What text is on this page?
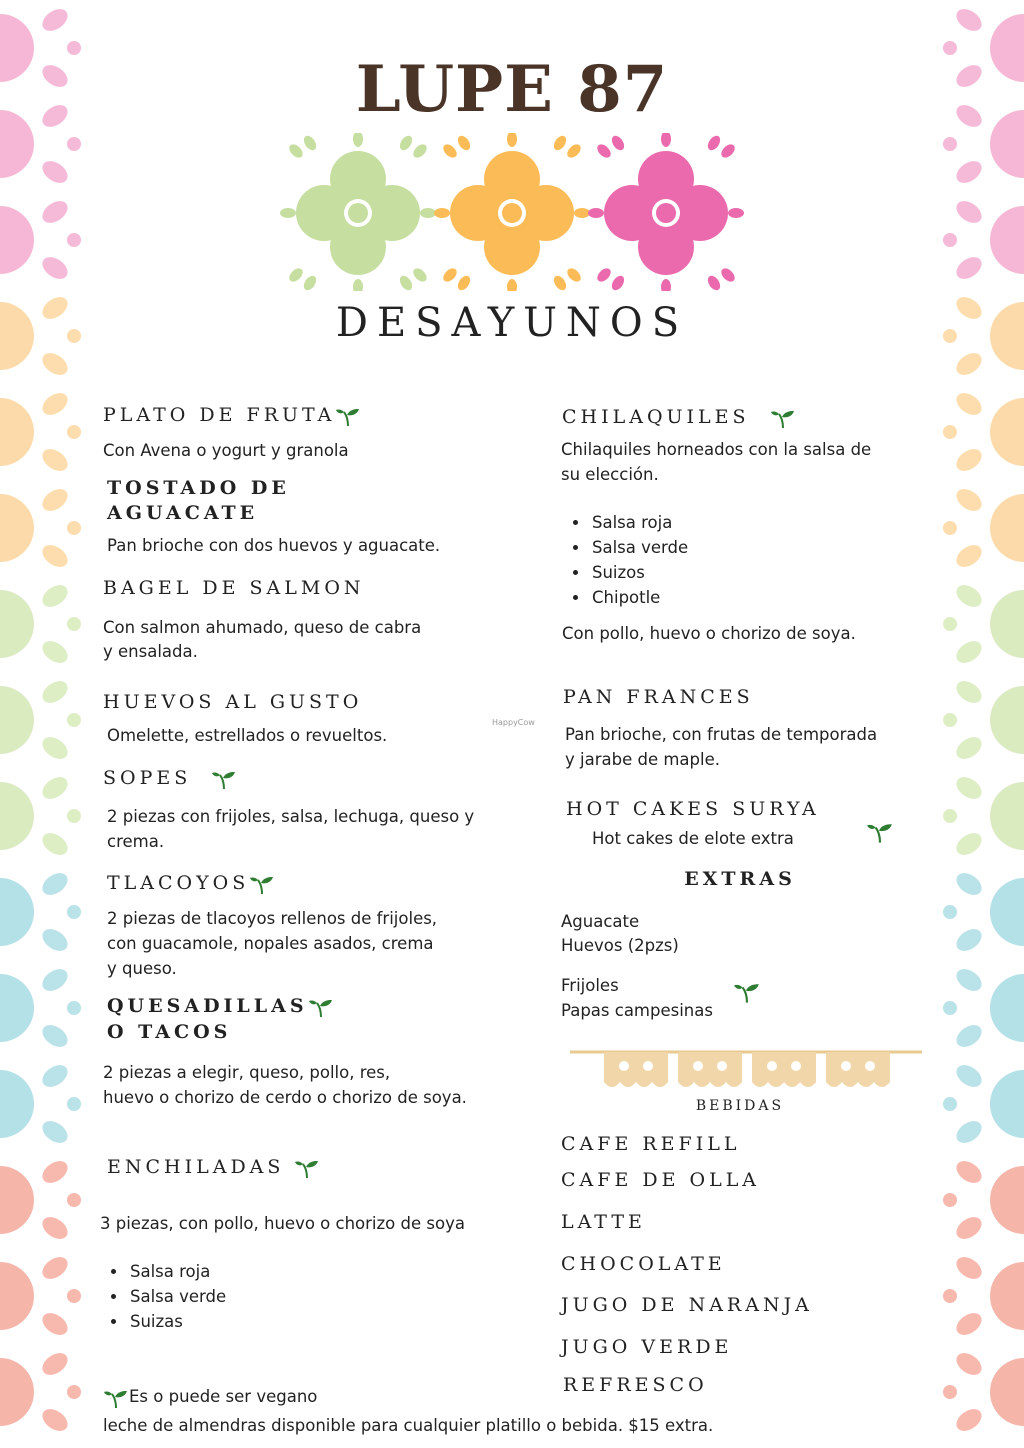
LUPE 87
DESAYUNOS
PLATO DE FRUTA
Con Avena o yogurt y granola
TOSTADO DE
AGUACATE
Pan brioche con dos huevos y aguacate.
BAGEL DE SALMON
Con salmon ahumado, queso de cabra
y ensalada.
HUEVOS AL GUSTO
Omelette, estrellados o revueltos.
HappyCow
SOPES
2 piezas con frijoles, salsa, lechuga, queso y
crema.
TLACOYOS
2 piezas de tlacoyos rellenos de frijoles,
con guacamole, nopales asados, crema
y queso.
QUESADILLAS
O TACOS
2 piezas a elegir, queso, pollo, res,
huevo o chorizo de cerdo o chorizo de soya.
ENCHILADAS
3 piezas, con pollo, huevo o chorizo de soya
• Salsa roja
• Salsa verde
• Suizas
CHILAQUILES
Chilaquiles horneados con la salsa de
su elección.
• Salsa roja
• Salsa verde
• Suizos
• Chipotle
Con pollo, huevo o chorizo de soya.
PAN FRANCES
Pan brioche, con frutas de temporada
y jarabe de maple.
HOT CAKES SURYA
Hot cakes de elote extra
EXTRAS
Aguacate
Huevos (2pzs)
Frijoles
Papas campesinas
BEBIDAS
CAFE REFILL
CAFE DE OLLA
LATTE
CHOCOLATE
JUGO DE NARANJA
JUGO VERDE
REFRESCO
Es o puede ser vegano
leche de almendras disponible para cualquier platillo o bebida. $15 extra.
